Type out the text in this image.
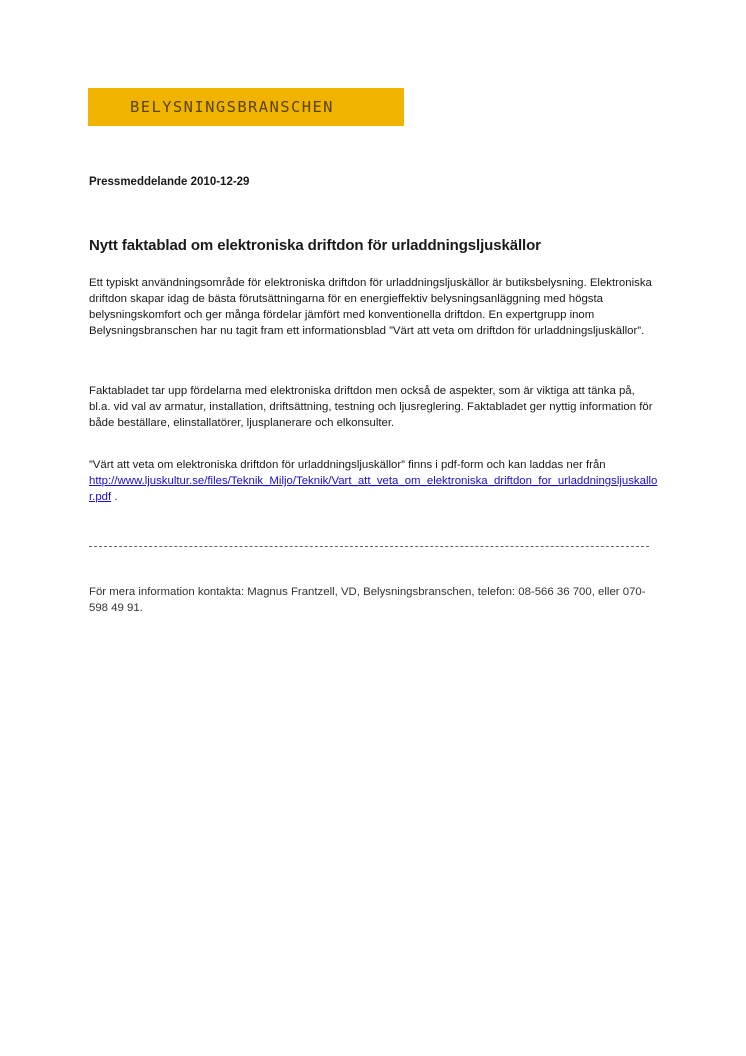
BELYSNINGSBRANSCHEN
Pressmeddelande 2010-12-29
Nytt faktablad om elektroniska driftdon för urladdningsljuskällor

Ett typiskt användningsområde för elektroniska driftdon för urladdningsljuskällor är butiksbelysning. Elektroniska driftdon skapar idag de bästa förutsättningarna för en energieffektiv belysningsanläggning med högsta belysningskomfort och ger många fördelar jämfört med konventionella driftdon. En expertgrupp inom Belysningsbranschen har nu tagit fram ett informationsblad ”Värt att veta om driftdon för urladdningsljuskällor”.

Faktabladet tar upp fördelarna med elektroniska driftdon men också de aspekter, som är viktiga att tänka på, bl.a. vid val av armatur, installation, driftsättning, testning och ljusreglering. Faktabladet ger nyttig information för både beställare, elinstallatörer, ljusplanerare och elkonsulter.

”Värt att veta om elektroniska driftdon för urladdningsljuskällor” finns i pdf-form och kan laddas ner från
http://www.ljuskultur.se/files/Teknik_Miljo/Teknik/Vart_att_veta_om_elektroniska_driftdon_for_urladdningsljuskallor.pdf .

För mera information kontakta: Magnus Frantzell, VD, Belysningsbranschen, telefon: 08-566 36 700, eller 070-598 49 91.
